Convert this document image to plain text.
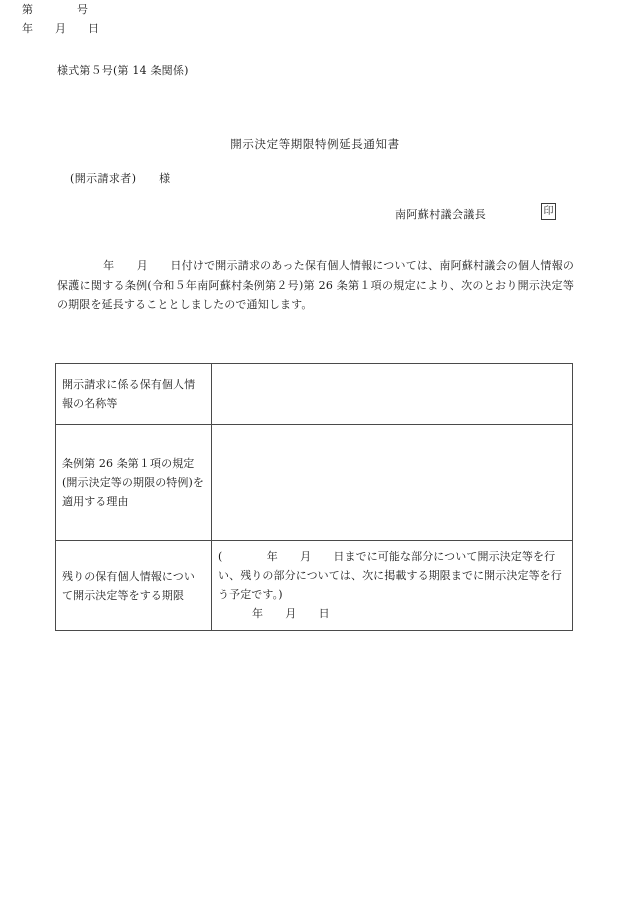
様式第５号(第 14 条関係)
第　　　　号
年　　月　　日
開示決定等期限特例延長通知書
(開示請求者)　　様
南阿蘇村議会議長	印
年　　月　　日付けで開示請求のあった保有個人情報については、南阿蘇村議会の個人情報の保護に関する条例(令和５年南阿蘇村条例第２号)第 26 条第１項の規定により、次のとおり開示決定等の期限を延長することとしましたので通知します。
開示請求に係る保有個人情報の名称等	
条例第 26 条第１項の規定(開示決定等の期限の特例)を適用する理由	
残りの保有個人情報について開示決定等をする期限	(　　　　年　　月　　日までに可能な部分について開示決定等を行い、残りの部分については、次に掲載する期限までに開示決定等を行う予定です。)
年　　月　　日
